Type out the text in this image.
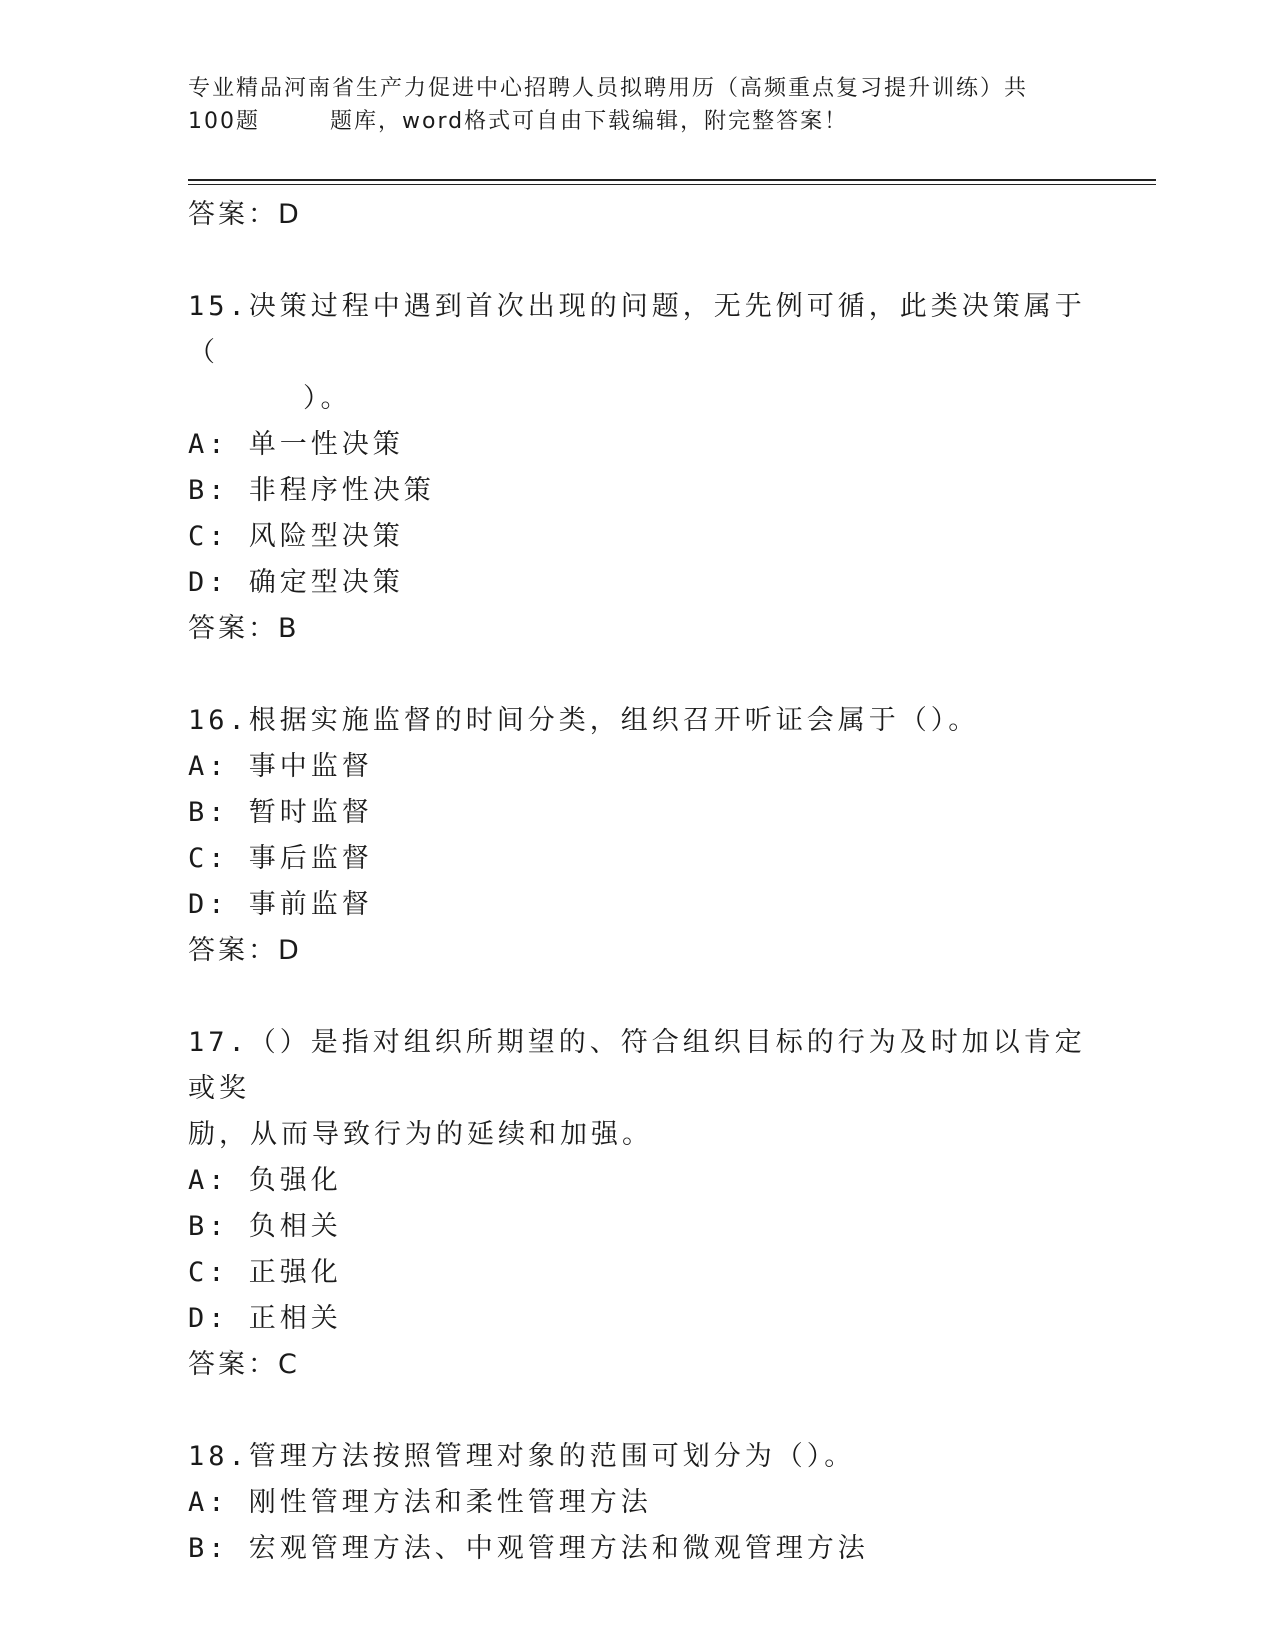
专业精品河南省生产力促进中心招聘人员拟聘用历（高频重点复习提升训练）共
100题	题库，word格式可自由下载编辑，附完整答案！
答案：D
15.决策过程中遇到首次出现的问题，无先例可循，此类决策属于（
）。
A: 单一性决策
B: 非程序性决策
C: 风险型决策
D: 确定型决策
答案：B
16.根据实施监督的时间分类，组织召开听证会属于（）。
A: 事中监督
B: 暂时监督
C: 事后监督
D: 事前监督
答案：D
17.（）是指对组织所期望的、符合组织目标的行为及时加以肯定或奖
励，从而导致行为的延续和加强。
A: 负强化
B: 负相关
C: 正强化
D: 正相关
答案：C
18.管理方法按照管理对象的范围可划分为（）。
A: 刚性管理方法和柔性管理方法
B: 宏观管理方法、中观管理方法和微观管理方法
